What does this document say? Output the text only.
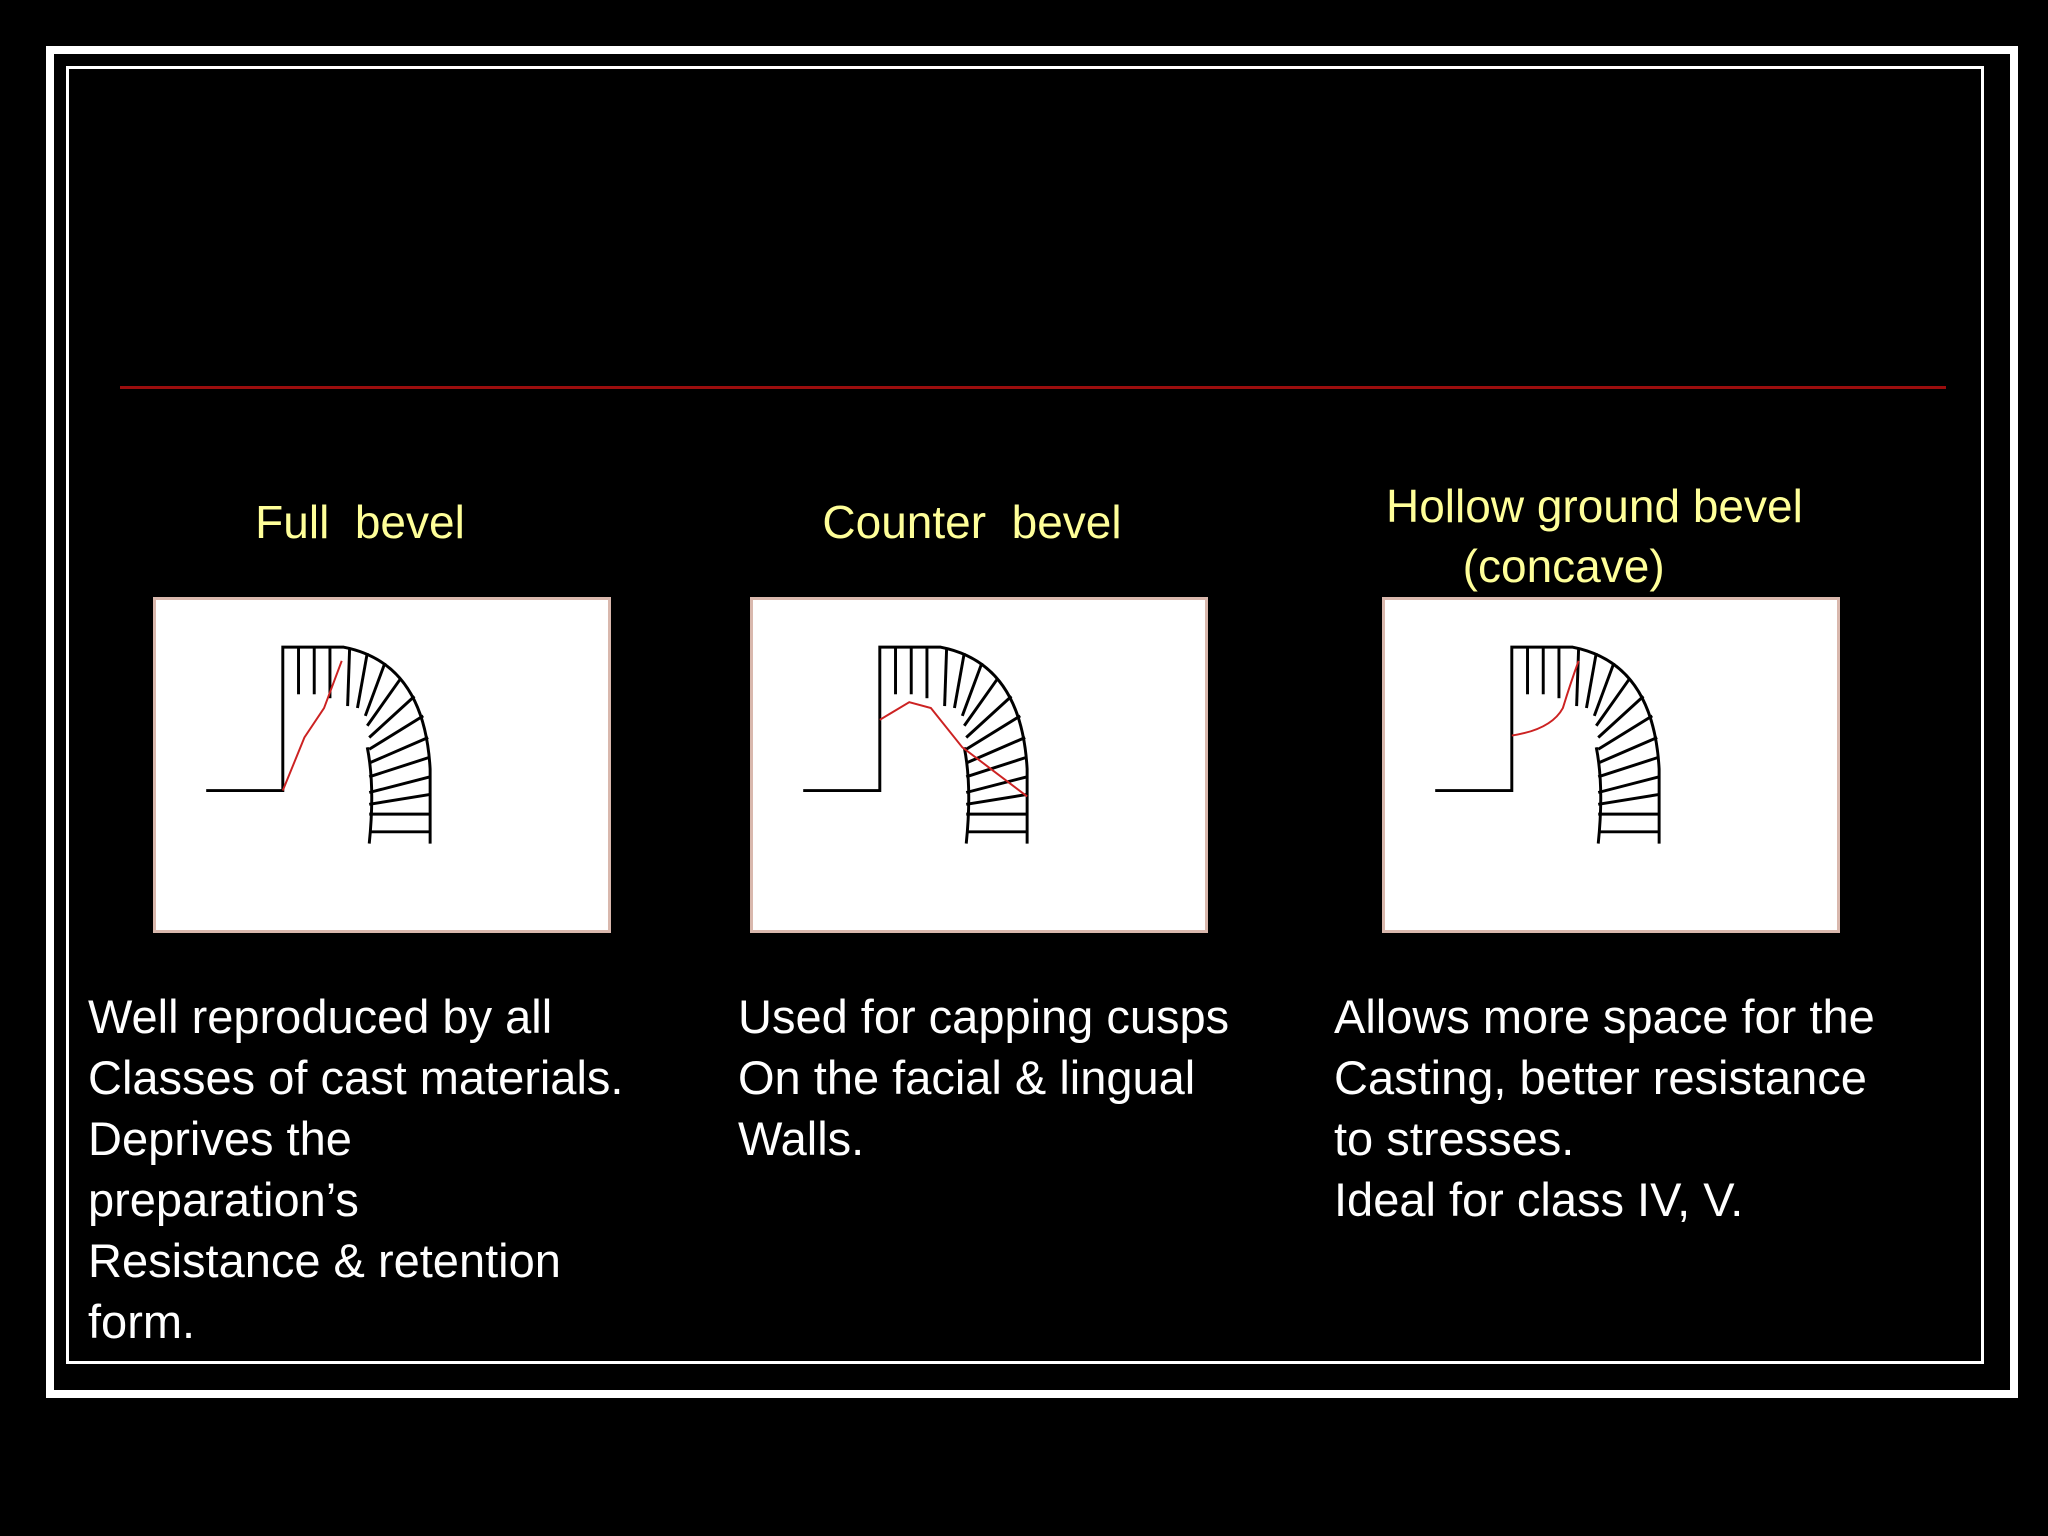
Full  bevel	Counter  bevel	Hollow ground bevel
(concave)
Well reproduced by all
Classes of cast materials.
Deprives the
preparation’s
Resistance & retention
form.
Used for capping cusps
On the facial & lingual
Walls.
Allows more space for the
Casting, better resistance
to stresses.
Ideal for class IV, V.
